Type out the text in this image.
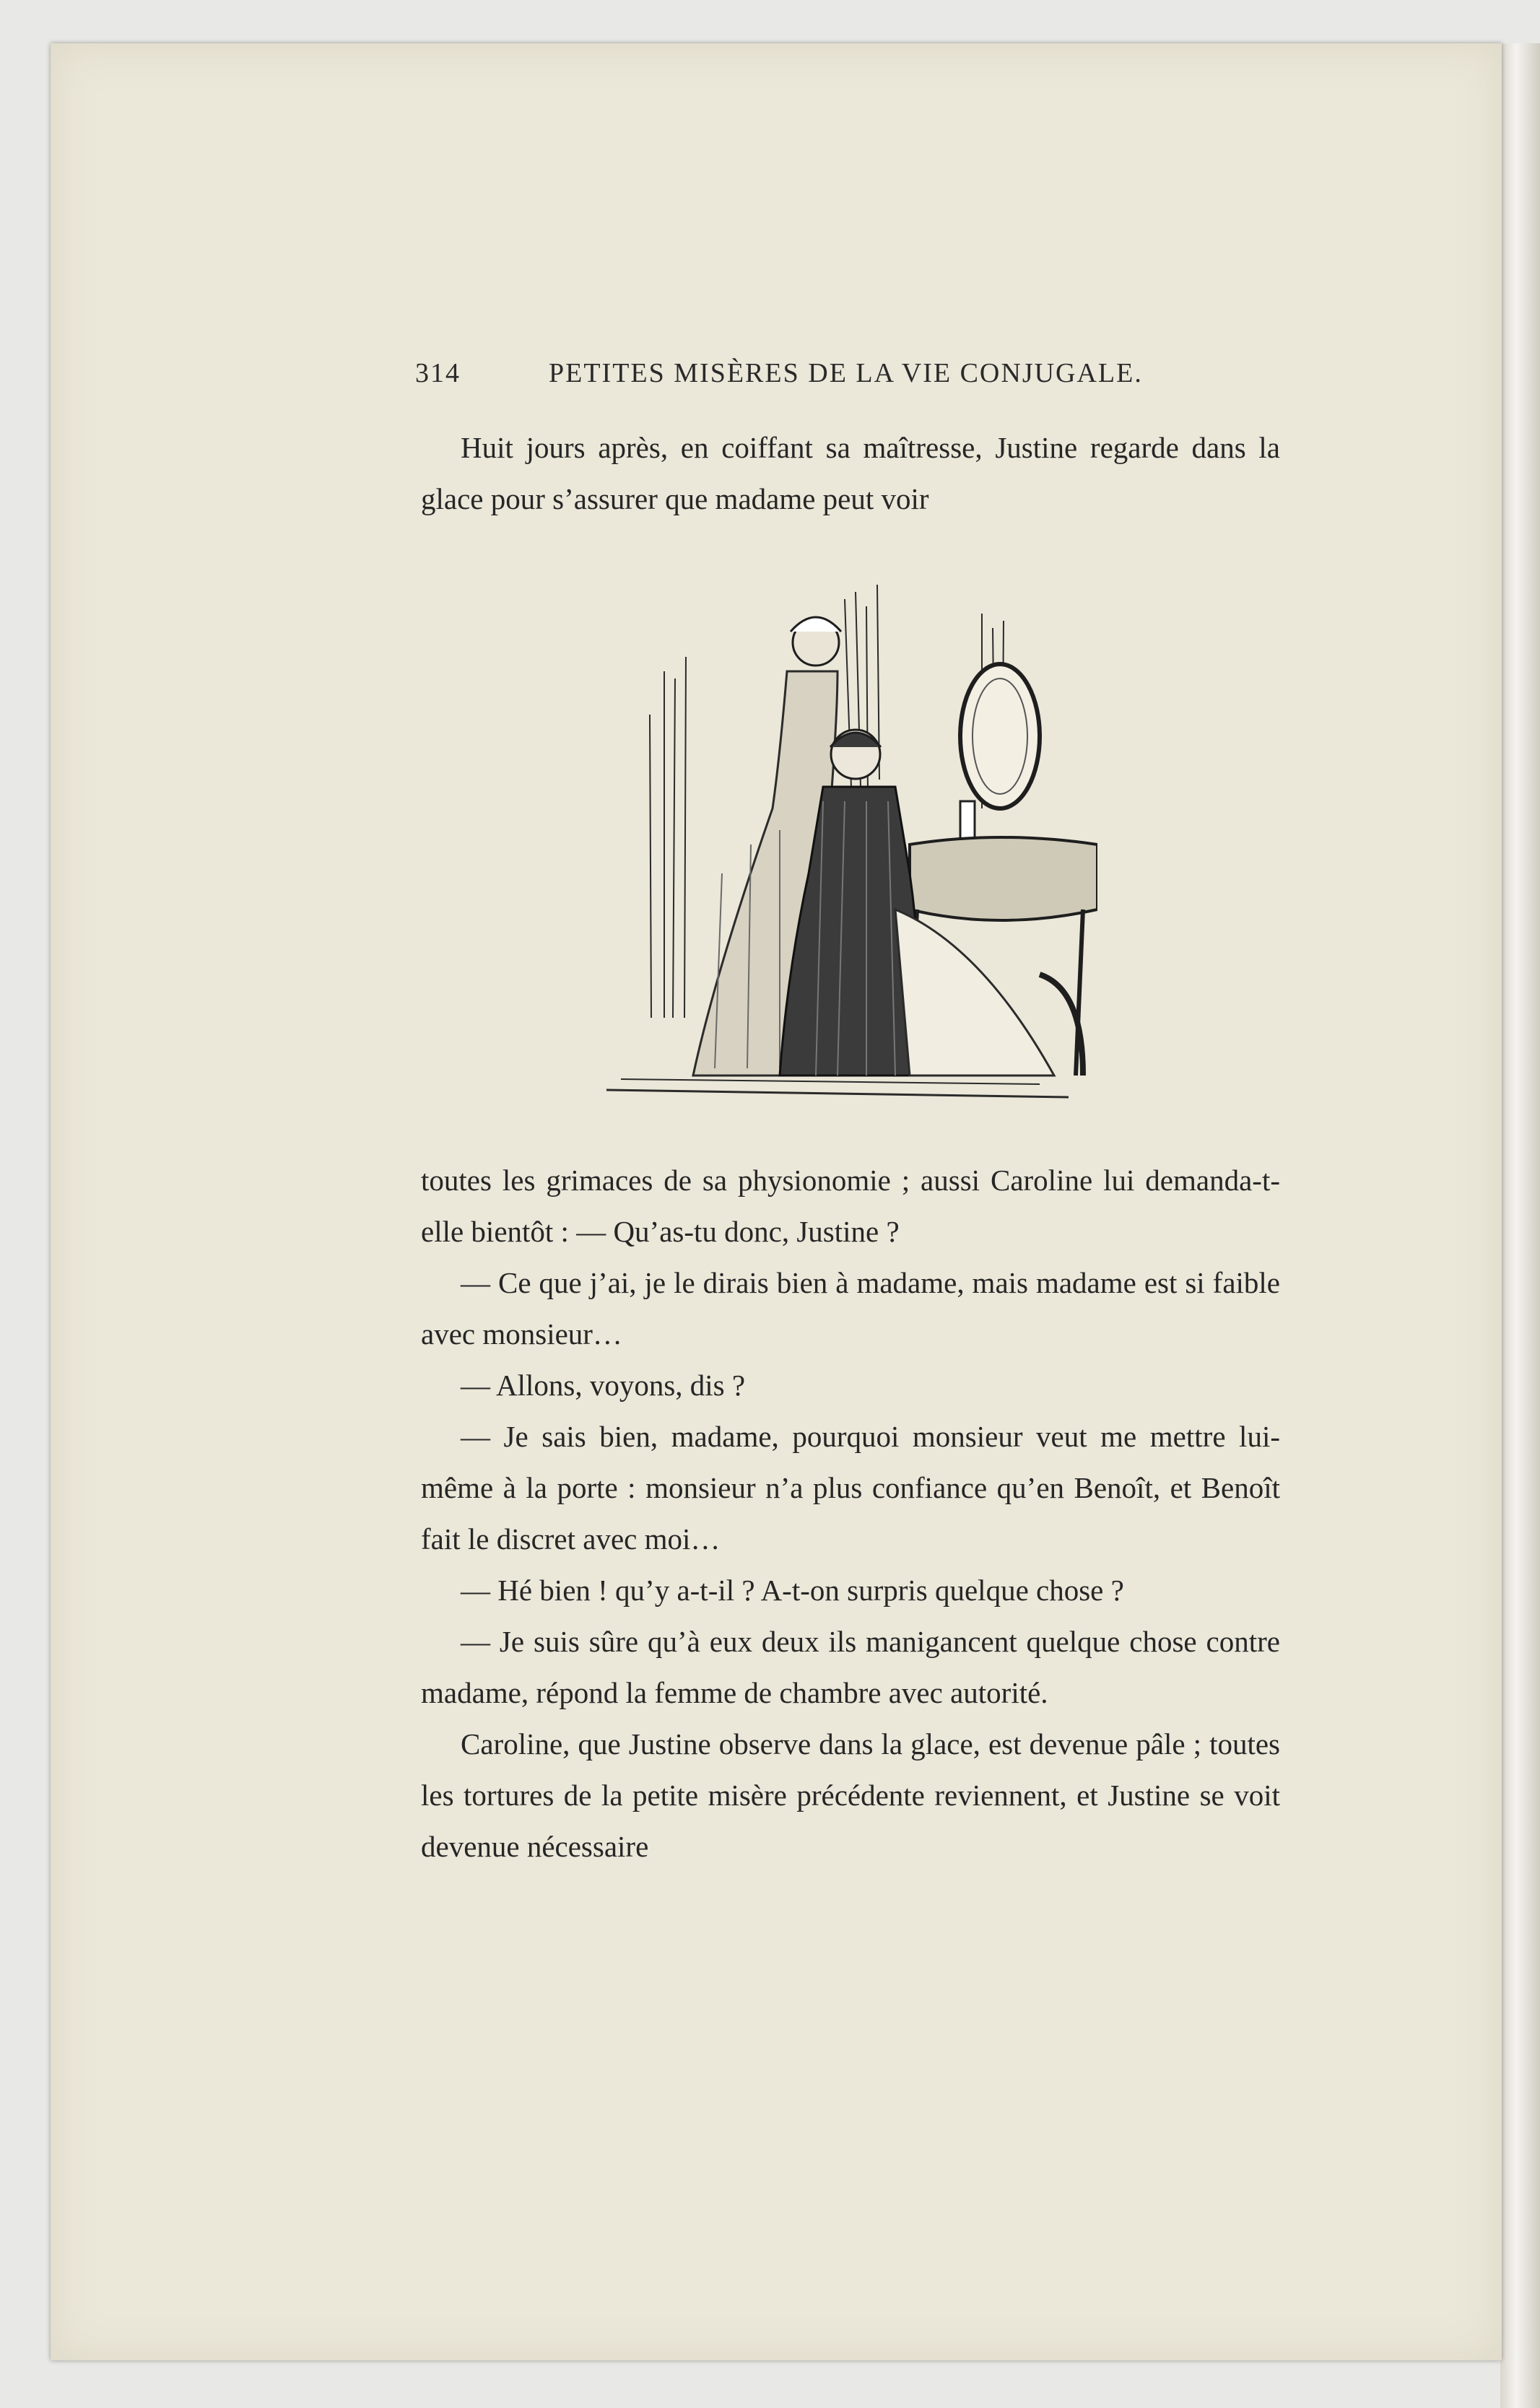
314	PETITES MISÈRES DE LA VIE CONJUGALE.

Huit jours après, en coiffant sa maîtresse, Justine regarde dans la glace pour s’assurer que madame peut voir

toutes les grimaces de sa physionomie ; aussi Caroline lui demanda-t-elle bientôt : — Qu’as-tu donc, Justine ?

— Ce que j’ai, je le dirais bien à madame, mais madame est si faible avec monsieur…

— Allons, voyons, dis ?

— Je sais bien, madame, pourquoi monsieur veut me mettre lui-même à la porte : monsieur n’a plus confiance qu’en Benoît, et Benoît fait le discret avec moi…

— Hé bien ! qu’y a-t-il ? A-t-on surpris quelque chose ?

— Je suis sûre qu’à eux deux ils manigancent quelque chose contre madame, répond la femme de chambre avec autorité.

Caroline, que Justine observe dans la glace, est devenue pâle ; toutes les tortures de la petite misère précédente reviennent, et Justine se voit devenue nécessaire
